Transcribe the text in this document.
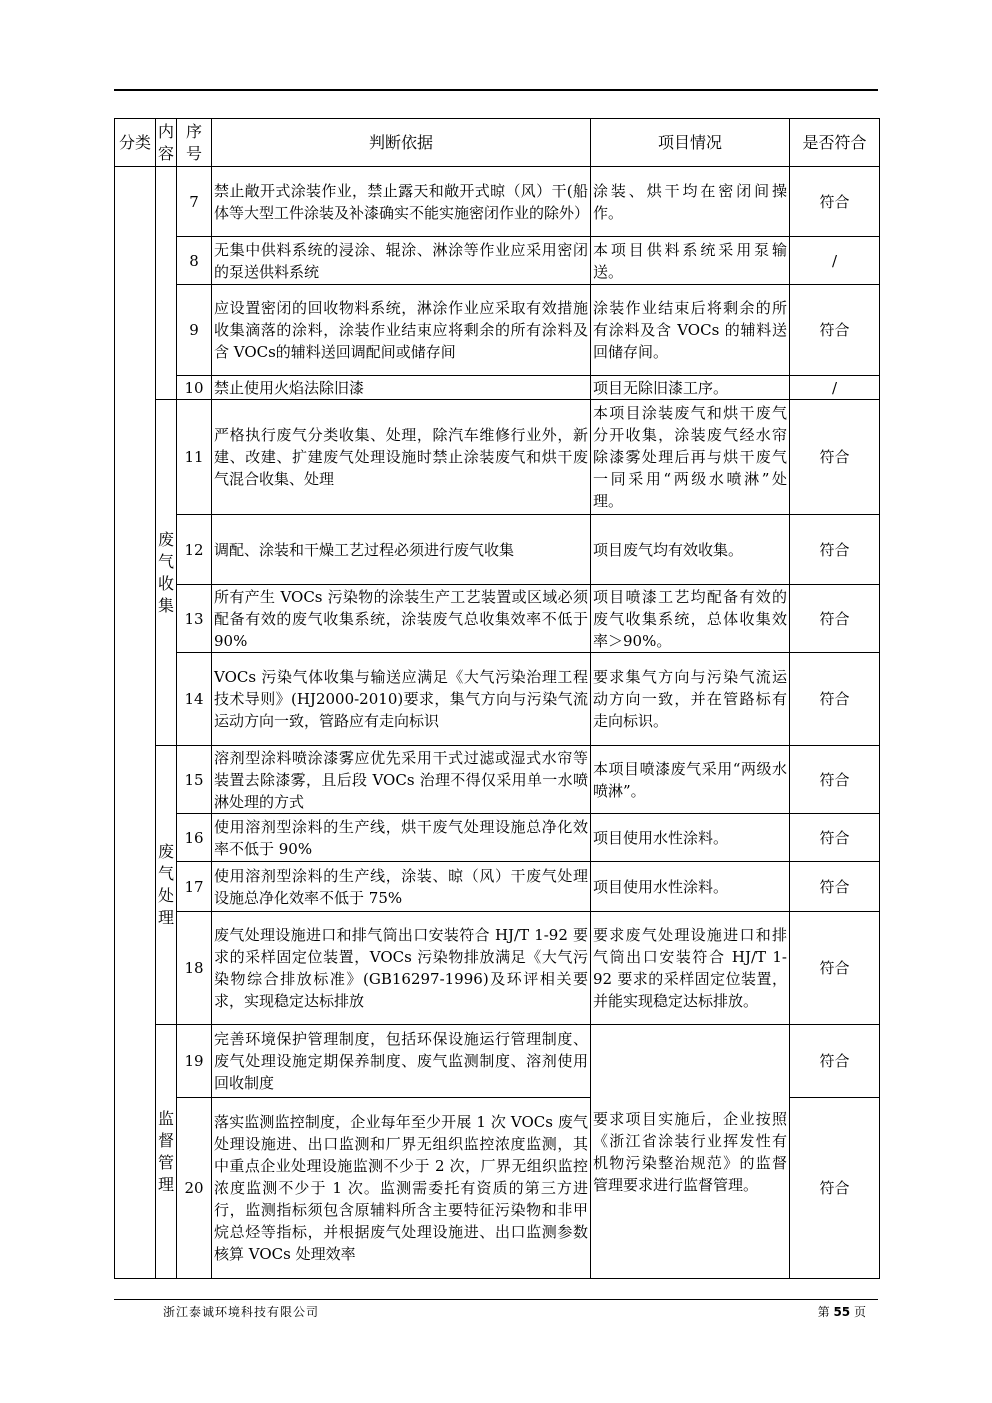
分类	内容	序号	判断依据	项目情况	是否符合
		7	禁止敞开式涂装作业，禁止露天和敞开式晾（风）干(船体等大型工件涂装及补漆确实不能实施密闭作业的除外）	涂装、烘干均在密闭间操作。	符合
		8	无集中供料系统的浸涂、辊涂、淋涂等作业应采用密闭的泵送供料系统	本项目供料系统采用泵输送。	/
		9	应设置密闭的回收物料系统，淋涂作业应采取有效措施收集滴落的涂料，涂装作业结束应将剩余的所有涂料及含 VOCs的辅料送回调配间或储存间	涂装作业结束后将剩余的所有涂料及含 VOCs 的辅料送回储存间。	符合
		10	禁止使用火焰法除旧漆	项目无除旧漆工序。	/

	废气收集	11	严格执行废气分类收集、处理，除汽车维修行业外，新建、改建、扩建废气处理设施时禁止涂装废气和烘干废气混合收集、处理	本项目涂装废气和烘干废气分开收集，涂装废气经水帘除漆雾处理后再与烘干废气一同采用“两级水喷淋”处理。	符合
		12	调配、涂装和干燥工艺过程必须进行废气收集	项目废气均有效收集。	符合
		13	所有产生 VOCs 污染物的涂装生产工艺装置或区域必须配备有效的废气收集系统，涂装废气总收集效率不低于 90%	项目喷漆工艺均配备有效的废气收集系统，总体收集效率＞90%。	符合
		14	VOCs 污染气体收集与输送应满足《大气污染治理工程技术导则》(HJ2000-2010)要求，集气方向与污染气流运动方向一致，管路应有走向标识	要求集气方向与污染气流运动方向一致，并在管路标有走向标识。	符合

	废气处理	15	溶剂型涂料喷涂漆雾应优先采用干式过滤或湿式水帘等装置去除漆雾，且后段 VOCs 治理不得仅采用单一水喷淋处理的方式	本项目喷漆废气采用“两级水喷淋”。	符合
		16	使用溶剂型涂料的生产线，烘干废气处理设施总净化效率不低于 90%	项目使用水性涂料。	符合
		17	使用溶剂型涂料的生产线，涂装、晾（风）干废气处理设施总净化效率不低于 75%	项目使用水性涂料。	符合
		18	废气处理设施进口和排气筒出口安装符合 HJ/T 1-92 要求的采样固定位装置，VOCs 污染物排放满足《大气污染物综合排放标准》(GB16297-1996)及环评相关要求，实现稳定达标排放	要求废气处理设施进口和排气筒出口安装符合 HJ/T 1-92 要求的采样固定位装置，并能实现稳定达标排放。	符合

	监督管理	19	完善环境保护管理制度，包括环保设施运行管理制度、废气处理设施定期保养制度、废气监测制度、溶剂使用回收制度	要求项目实施后，企业按照《浙江省涂装行业挥发性有机物污染整治规范》的监督管理要求进行监督管理。	符合
		20	落实监测监控制度，企业每年至少开展 1 次 VOCs 废气处理设施进、出口监测和厂界无组织监控浓度监测，其中重点企业处理设施监测不少于 2 次，厂界无组织监控浓度监测不少于 1 次。监测需委托有资质的第三方进行，监测指标须包含原辅料所含主要特征污染物和非甲烷总烃等指标，并根据废气处理设施进、出口监测参数核算 VOCs 处理效率		符合
浙江泰诚环境科技有限公司	第 55 页
